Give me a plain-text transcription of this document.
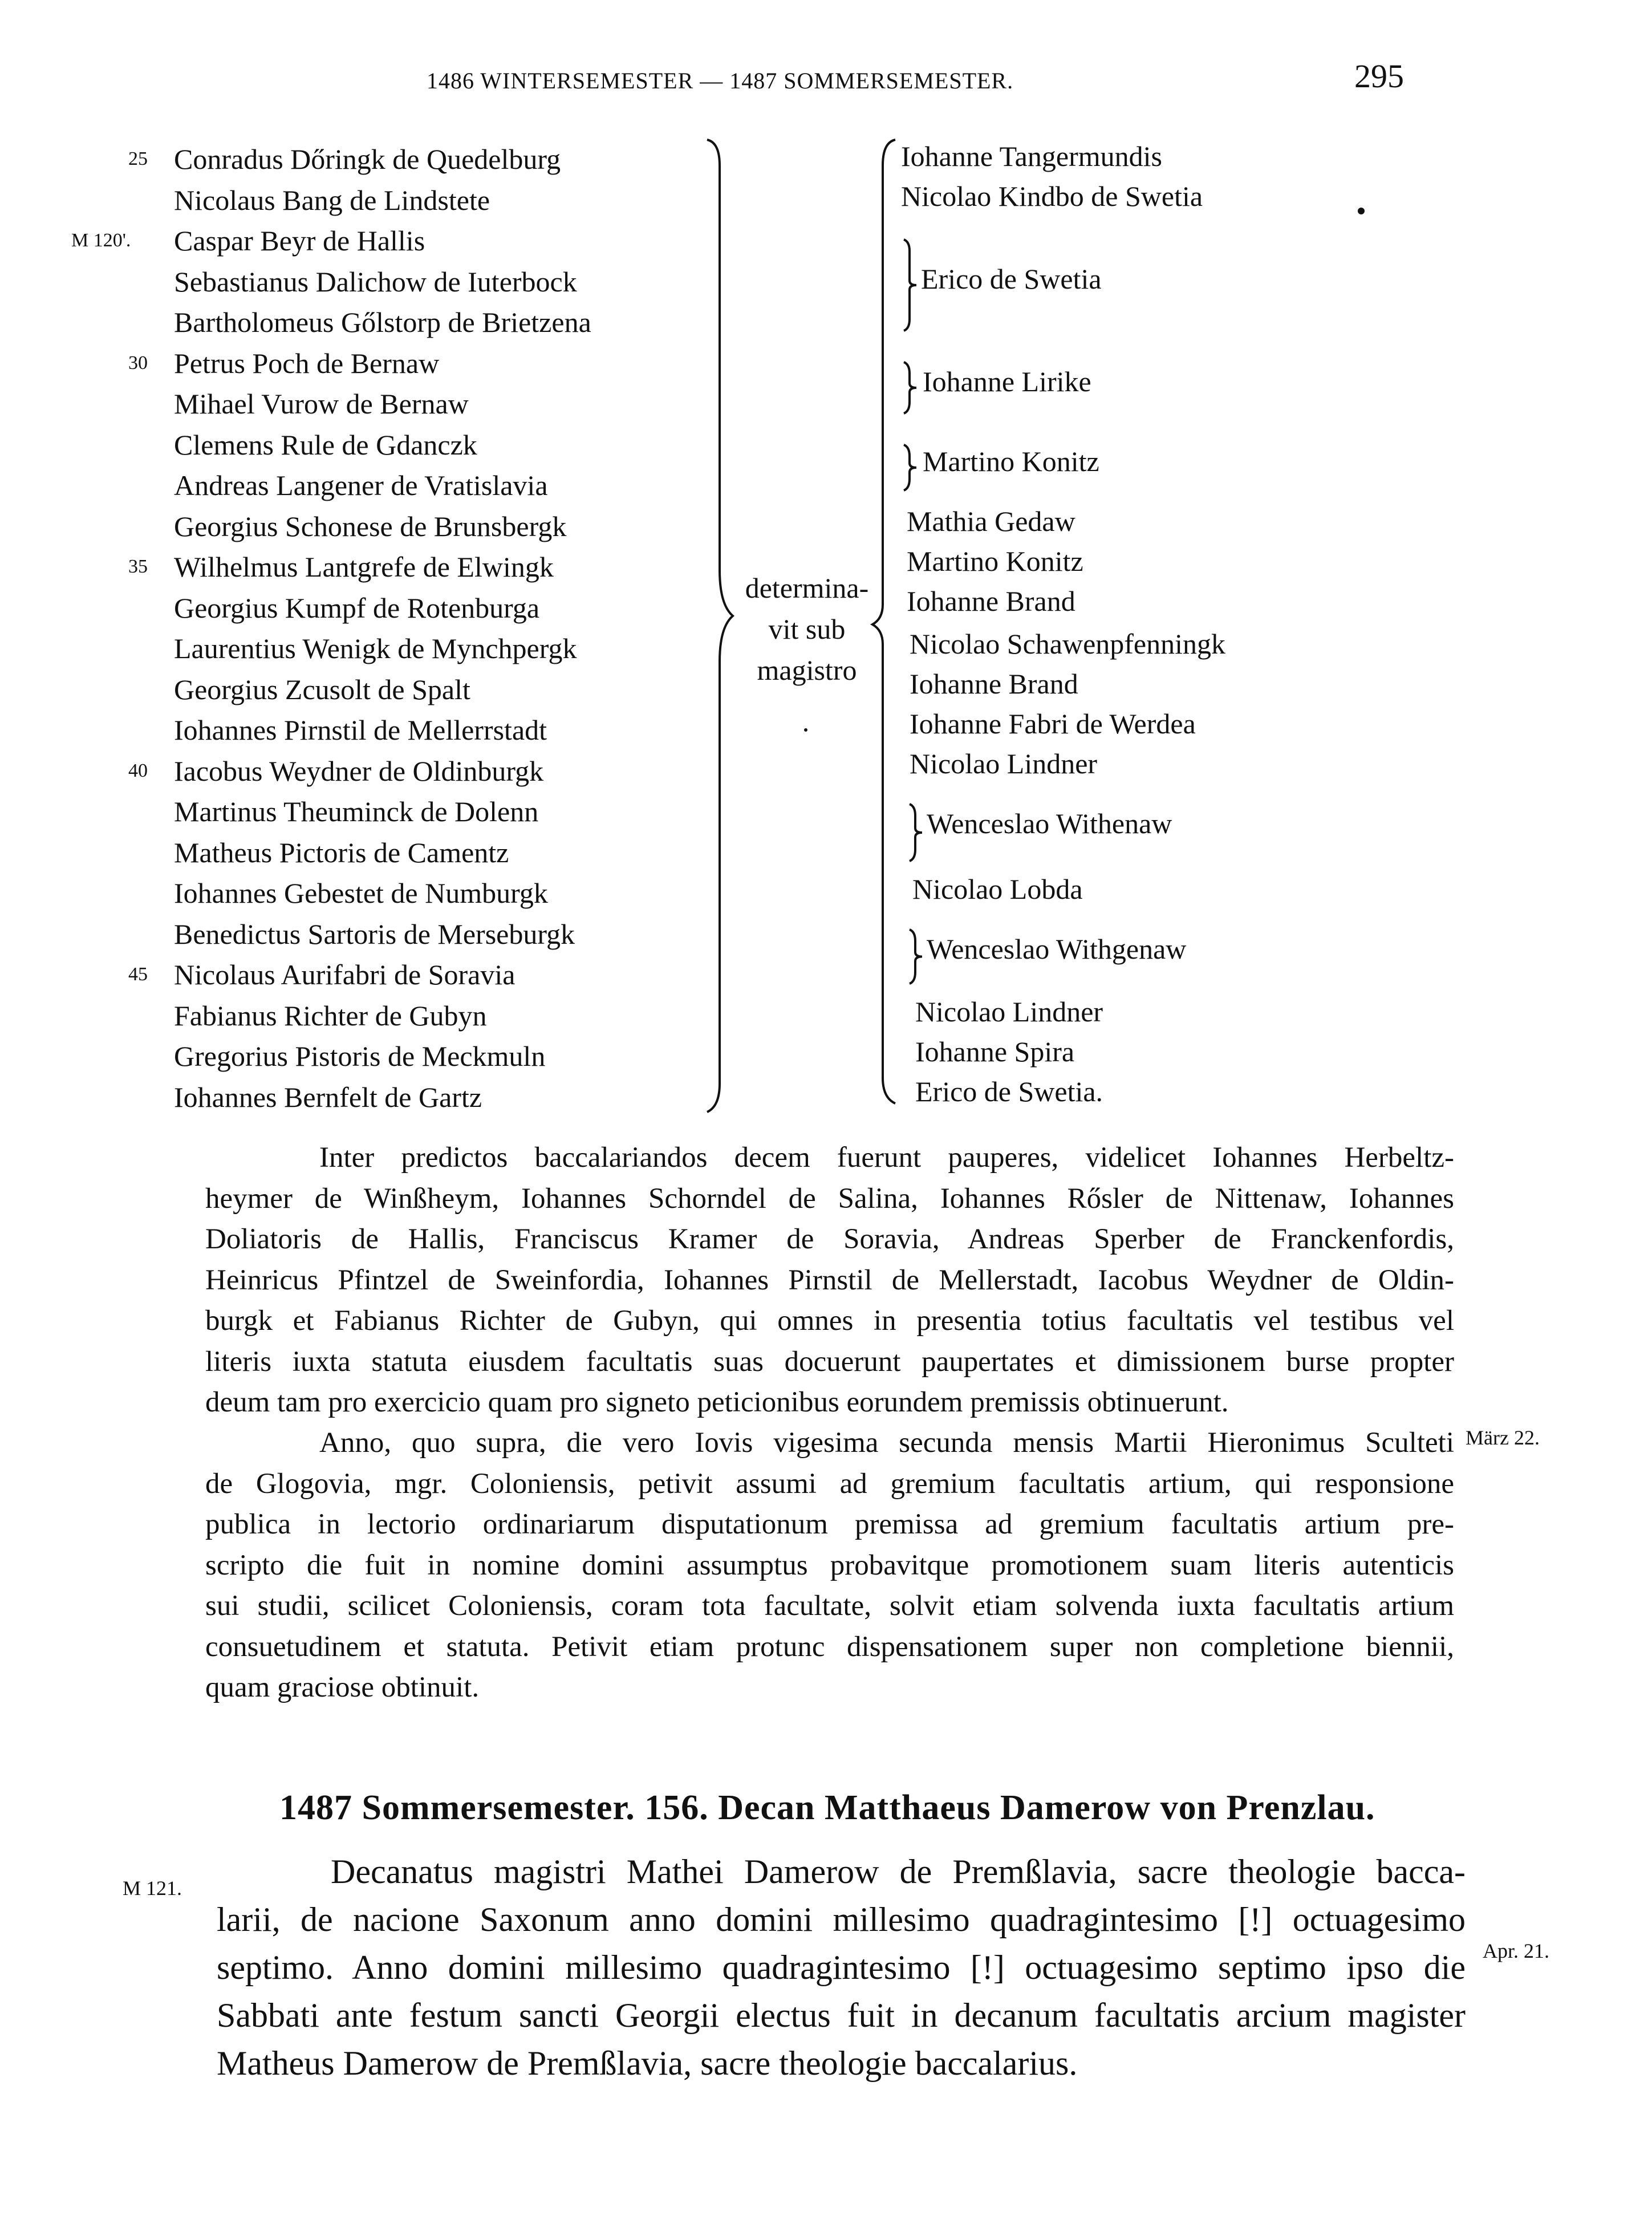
1486 WINTERSEMESTER — 1487 SOMMERSEMESTER.	295
Conradus Dőringk de Quedelburg
25
Nicolaus Bang de Lindstete
Caspar Beyr de Hallis
M 120'.
Sebastianus Dalichow de Iuterbock
Bartholomeus Gőlstorp de Brietzena
Petrus Poch de Bernaw
30
Mihael Vurow de Bernaw
Clemens Rule de Gdanczk
Andreas Langener de Vratislavia
Georgius Schonese de Brunsbergk
Wilhelmus Lantgrefe de Elwingk
35
Georgius Kumpf de Rotenburga
Laurentius Wenigk de Mynchpergk
Georgius Zcusolt de Spalt
Iohannes Pirnstil de Mellerrstadt
Iacobus Weydner de Oldinburgk
40
Martinus Theuminck de Dolenn
Matheus Pictoris de Camentz
Iohannes Gebestet de Numburgk
Benedictus Sartoris de Merseburgk
Nicolaus Aurifabri de Soravia
45
Fabianus Richter de Gubyn
Gregorius Pistoris de Meckmuln
Iohannes Bernfelt de Gartz
determina-
vit sub
magistro
Iohanne Tangermundis
Nicolao Kindbo de Swetia
Erico de Swetia
Iohanne Lirike
Martino Konitz
Mathia Gedaw
Martino Konitz
Iohanne Brand
Nicolao Schawenpfenningk
Iohanne Brand
Iohanne Fabri de Werdea
Nicolao Lindner
Wenceslao Withenaw
Nicolao Lobda
Wenceslao Withgenaw
Nicolao Lindner
Iohanne Spira
Erico de Swetia.
Inter predictos baccalariandos decem fuerunt pauperes, videlicet Iohannes Herbeltz-
heymer de Winßheym, Iohannes Schorndel de Salina, Iohannes Rősler de Nittenaw, Iohannes
Doliatoris de Hallis, Franciscus Kramer de Soravia, Andreas Sperber de Franckenfordis,
Heinricus Pfintzel de Sweinfordia, Iohannes Pirnstil de Mellerstadt, Iacobus Weydner de Oldin-
burgk et Fabianus Richter de Gubyn, qui omnes in presentia totius facultatis vel testibus vel
literis iuxta statuta eiusdem facultatis suas docuerunt paupertates et dimissionem burse propter
deum tam pro exercicio quam pro signeto peticionibus eorundem premissis obtinuerunt.
Anno, quo supra, die vero Iovis vigesima secunda mensis Martii Hieronimus Sculteti
de Glogovia, mgr. Coloniensis, petivit assumi ad gremium facultatis artium, qui responsione
publica in lectorio ordinariarum disputationum premissa ad gremium facultatis artium pre-
scripto die fuit in nomine domini assumptus probavitque promotionem suam literis autenticis
sui studii, scilicet Coloniensis, coram tota facultate, solvit etiam solvenda iuxta facultatis artium
consuetudinem et statuta. Petivit etiam protunc dispensationem super non completione biennii,
quam graciose obtinuit.
März 22.
1487 Sommersemester. 156. Decan Matthaeus Damerow von Prenzlau.
M 121.	Decanatus magistri Mathei Damerow de Premßlavia, sacre theologie bacca-
larii, de nacione Saxonum anno domini millesimo quadragintesimo [!] octuagesimo
septimo. Anno domini millesimo quadragintesimo [!] octuagesimo septimo ipso die
Sabbati ante festum sancti Georgii electus fuit in decanum facultatis arcium magister
Matheus Damerow de Premßlavia, sacre theologie baccalarius.
Apr. 21.
